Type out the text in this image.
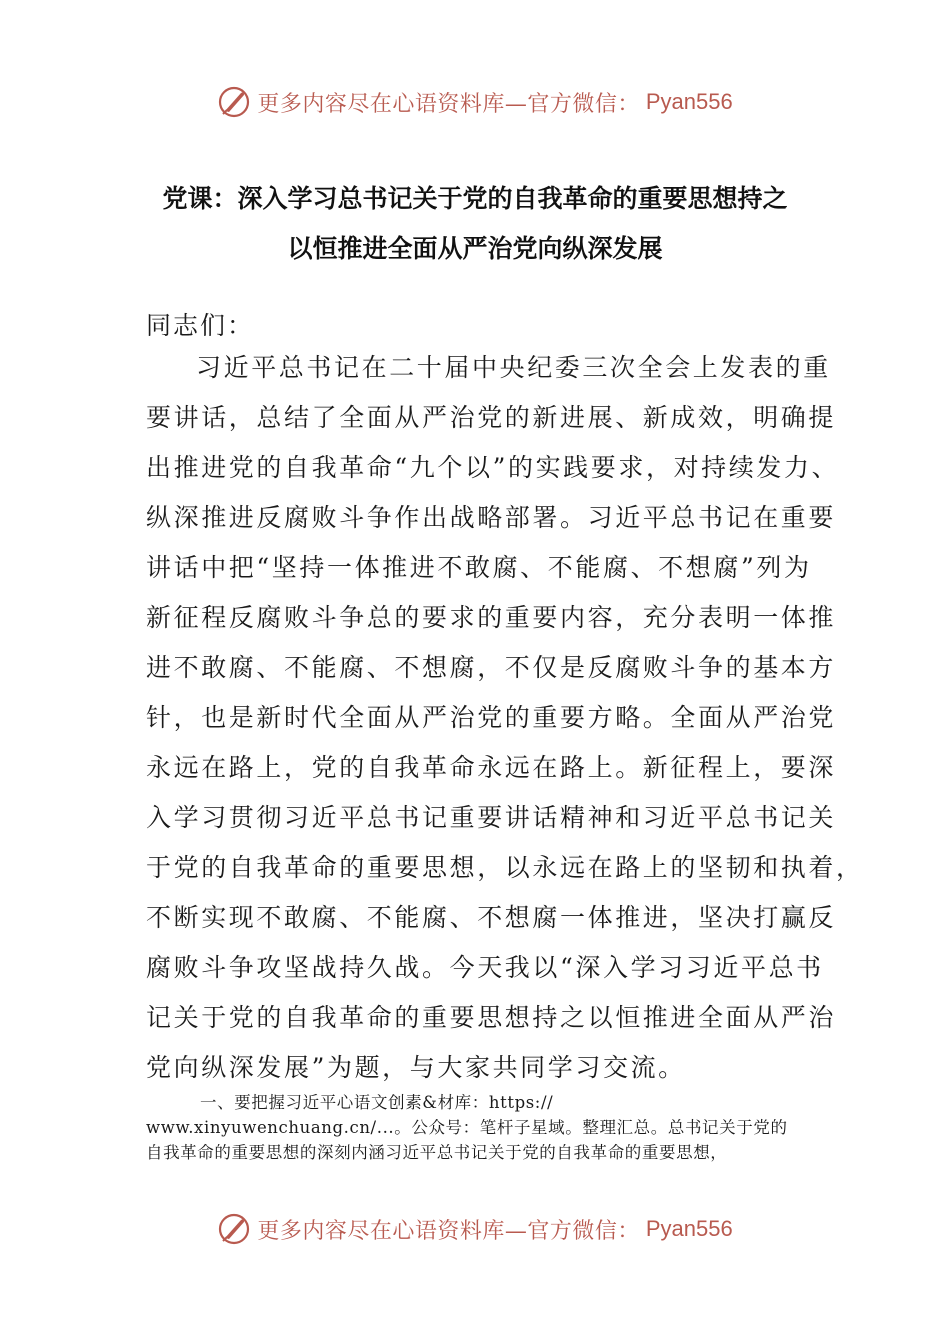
更多内容尽在心语资料库—官方微信： Pyan556
党课：深入学习总书记关于党的自我革命的重要思想持之
以恒推进全面从严治党向纵深发展
同志们：
习近平总书记在二十届中央纪委三次全会上发表的重
要讲话，总结了全面从严治党的新进展、新成效，明确提
出推进党的自我革命“九个以”的实践要求，对持续发力、
纵深推进反腐败斗争作出战略部署。习近平总书记在重要
讲话中把“坚持一体推进不敢腐、不能腐、不想腐”列为
新征程反腐败斗争总的要求的重要内容，充分表明一体推
进不敢腐、不能腐、不想腐，不仅是反腐败斗争的基本方
针，也是新时代全面从严治党的重要方略。全面从严治党
永远在路上，党的自我革命永远在路上。新征程上，要深
入学习贯彻习近平总书记重要讲话精神和习近平总书记关
于党的自我革命的重要思想，以永远在路上的坚韧和执着，
不断实现不敢腐、不能腐、不想腐一体推进，坚决打赢反
腐败斗争攻坚战持久战。今天我以“深入学习习近平总书
记关于党的自我革命的重要思想持之以恒推进全面从严治
党向纵深发展”为题，与大家共同学习交流。
一、要把握习近平心语文创素&材库：https://
www.xinyuwenchuang.cn/...。公众号：笔杆子星域。整理汇总。总书记关于党的
自我革命的重要思想的深刻内涵习近平总书记关于党的自我革命的重要思想，
更多内容尽在心语资料库—官方微信： Pyan556
